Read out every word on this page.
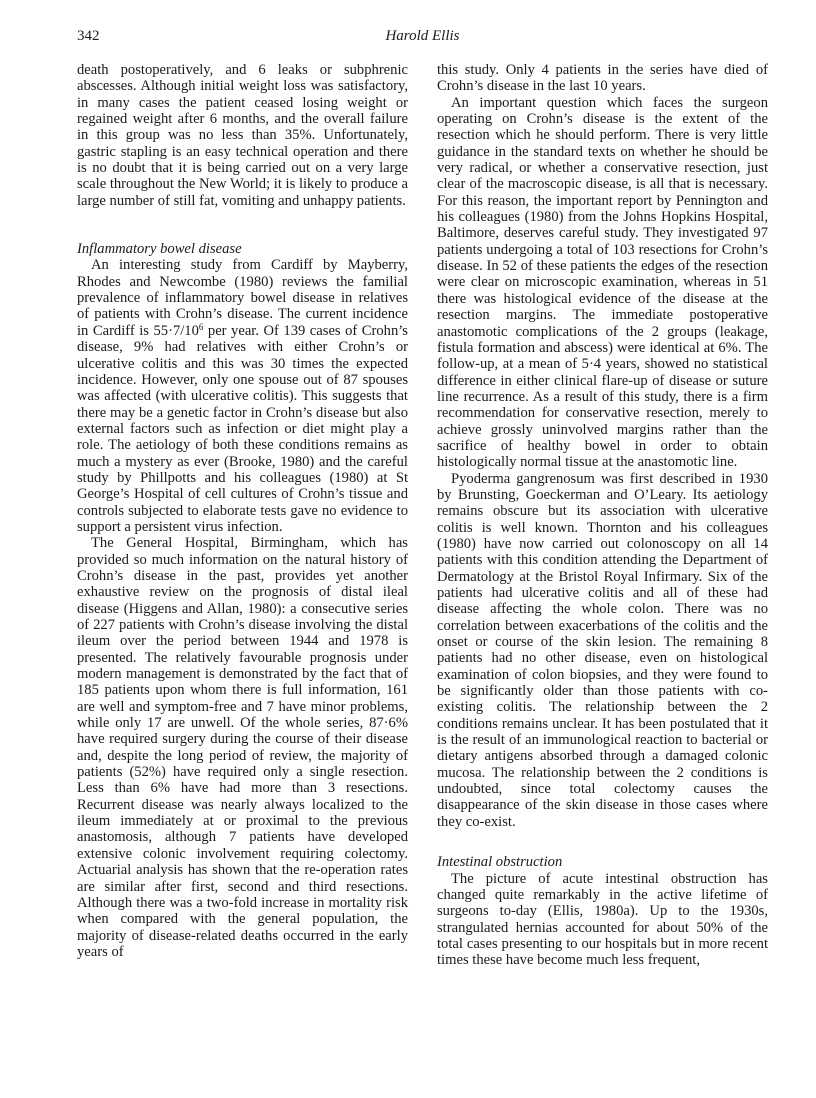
342	Harold Ellis

death postoperatively, and 6 leaks or subphrenic abscesses. Although initial weight loss was satisfactory, in many cases the patient ceased losing weight or regained weight after 6 months, and the overall failure in this group was no less than 35%. Unfortunately, gastric stapling is an easy technical operation and there is no doubt that it is being carried out on a very large scale throughout the New World; it is likely to produce a large number of still fat, vomiting and unhappy patients.

Inflammatory bowel disease

An interesting study from Cardiff by Mayberry, Rhodes and Newcombe (1980) reviews the familial prevalence of inflammatory bowel disease in relatives of patients with Crohn’s disease. The current incidence in Cardiff is $55\cdot 7/10^6$ per year. Of 139 cases of Crohn’s disease, 9% had relatives with either Crohn’s or ulcerative colitis and this was 30 times the expected incidence. However, only one spouse out of 87 spouses was affected (with ulcerative colitis). This suggests that there may be a genetic factor in Crohn’s disease but also external factors such as infection or diet might play a role. The aetiology of both these conditions remains as much a mystery as ever (Brooke, 1980) and the careful study by Phillpotts and his colleagues (1980) at St George’s Hospital of cell cultures of Crohn’s tissue and controls subjected to elaborate tests gave no evidence to support a persistent virus infection.

The General Hospital, Birmingham, which has provided so much information on the natural history of Crohn’s disease in the past, provides yet another exhaustive review on the prognosis of distal ileal disease (Higgens and Allan, 1980): a consecutive series of 227 patients with Crohn’s disease involving the distal ileum over the period between 1944 and 1978 is presented. The relatively favourable prognosis under modern management is demonstrated by the fact that of 185 patients upon whom there is full information, 161 are well and symptom-free and 7 have minor problems, while only 17 are unwell. Of the whole series, 87·6% have required surgery during the course of their disease and, despite the long period of review, the majority of patients (52%) have required only a single resection. Less than 6% have had more than 3 resections. Recurrent disease was nearly always localized to the ileum immediately at or proximal to the previous anastomosis, although 7 patients have developed extensive colonic involvement requiring colectomy. Actuarial analysis has shown that the re-operation rates are similar after first, second and third resections. Although there was a two-fold increase in mortality risk when compared with the general population, the majority of disease-related deaths occurred in the early years of

this study. Only 4 patients in the series have died of Crohn’s disease in the last 10 years.

An important question which faces the surgeon operating on Crohn’s disease is the extent of the resection which he should perform. There is very little guidance in the standard texts on whether he should be very radical, or whether a conservative resection, just clear of the macroscopic disease, is all that is necessary. For this reason, the important report by Pennington and his colleagues (1980) from the Johns Hopkins Hospital, Baltimore, deserves careful study. They investigated 97 patients undergoing a total of 103 resections for Crohn’s disease. In 52 of these patients the edges of the resection were clear on microscopic examination, whereas in 51 there was histological evidence of the disease at the resection margins. The immediate postoperative anastomotic complications of the 2 groups (leakage, fistula formation and abscess) were identical at 6%. The follow-up, at a mean of 5·4 years, showed no statistical difference in either clinical flare-up of disease or suture line recurrence. As a result of this study, there is a firm recommendation for conservative resection, merely to achieve grossly uninvolved margins rather than the sacrifice of healthy bowel in order to obtain histologically normal tissue at the anastomotic line.

Pyoderma gangrenosum was first described in 1930 by Brunsting, Goeckerman and O’Leary. Its aetiology remains obscure but its association with ulcerative colitis is well known. Thornton and his colleagues (1980) have now carried out colonoscopy on all 14 patients with this condition attending the Department of Dermatology at the Bristol Royal Infirmary. Six of the patients had ulcerative colitis and all of these had disease affecting the whole colon. There was no correlation between exacerbations of the colitis and the onset or course of the skin lesion. The remaining 8 patients had no other disease, even on histological examination of colon biopsies, and they were found to be significantly older than those patients with co-existing colitis. The relationship between the 2 conditions remains unclear. It has been postulated that it is the result of an immunological reaction to bacterial or dietary antigens absorbed through a damaged colonic mucosa. The relationship between the 2 conditions is undoubted, since total colectomy causes the disappearance of the skin disease in those cases where they co-exist.

Intestinal obstruction

The picture of acute intestinal obstruction has changed quite remarkably in the active lifetime of surgeons to-day (Ellis, 1980a). Up to the 1930s, strangulated hernias accounted for about 50% of the total cases presenting to our hospitals but in more recent times these have become much less frequent,
